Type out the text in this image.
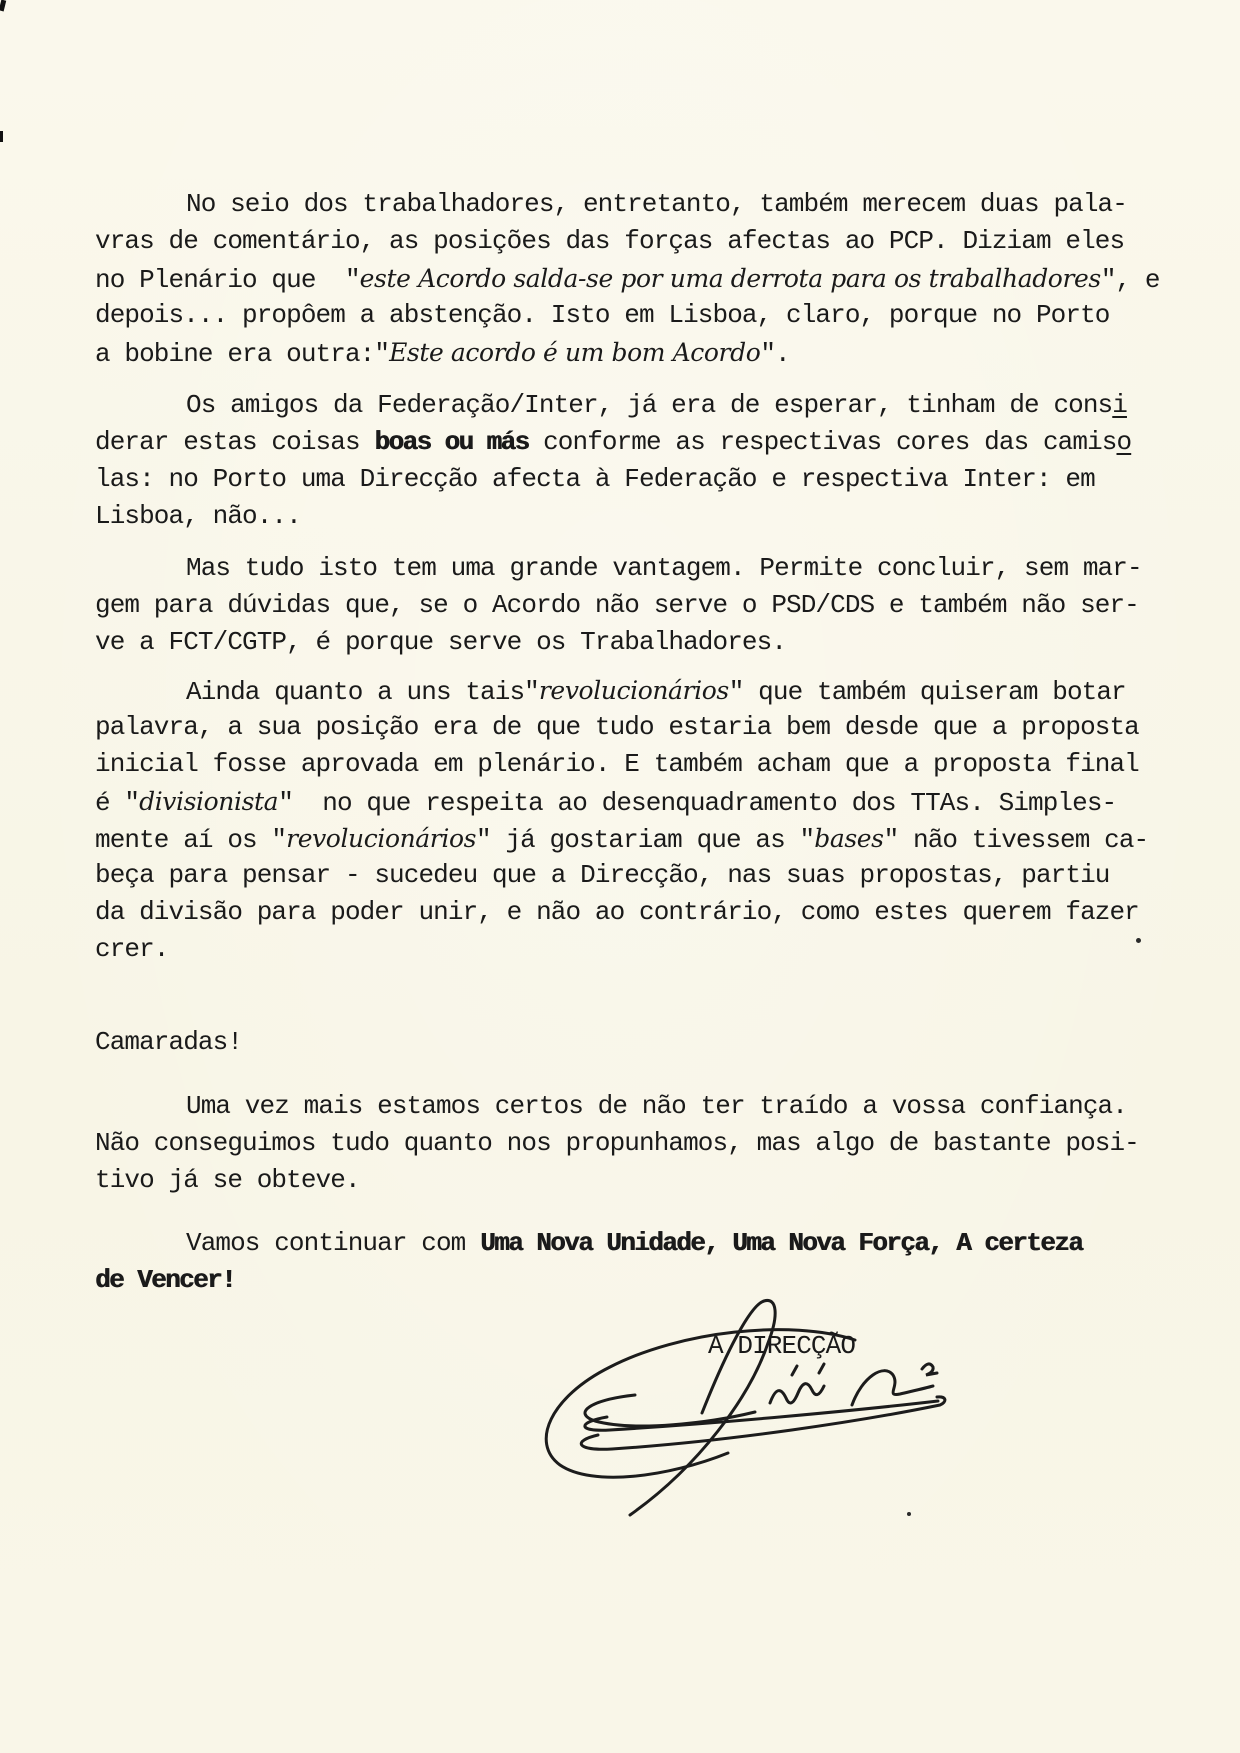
No seio dos trabalhadores, entretanto, também merecem duas pala-
vras de comentário, as posições das forças afectas ao PCP. Diziam eles
no Plenário que  "este Acordo salda-se por uma derrota para os trabalhadores", e
depois... propôem a abstenção. Isto em Lisboa, claro, porque no Porto
a bobine era outra:"Este acordo é um bom Acordo".
Os amigos da Federação/Inter, já era de esperar, tinham de consi
derar estas coisas boas ou más conforme as respectivas cores das camiso
las: no Porto uma Direcção afecta à Federação e respectiva Inter: em
Lisboa, não...
Mas tudo isto tem uma grande vantagem. Permite concluir, sem mar-
gem para dúvidas que, se o Acordo não serve o PSD/CDS e também não ser-
ve a FCT/CGTP, é porque serve os Trabalhadores.
Ainda quanto a uns tais"revolucionários" que também quiseram botar
palavra, a sua posição era de que tudo estaria bem desde que a proposta
inicial fosse aprovada em plenário. E também acham que a proposta final
é "divisionista"  no que respeita ao desenquadramento dos TTAs. Simples-
mente aí os "revolucionários" já gostariam que as "bases" não tivessem ca-
beça para pensar - sucedeu que a Direcção, nas suas propostas, partiu
da divisão para poder unir, e não ao contrário, como estes querem fazer
crer.
Camaradas!
Uma vez mais estamos certos de não ter traído a vossa confiança.
Não conseguimos tudo quanto nos propunhamos, mas algo de bastante posi-
tivo já se obteve.
Vamos continuar com Uma Nova Unidade, Uma Nova Força, A certeza
de Vencer!
A DIRECÇÃO
